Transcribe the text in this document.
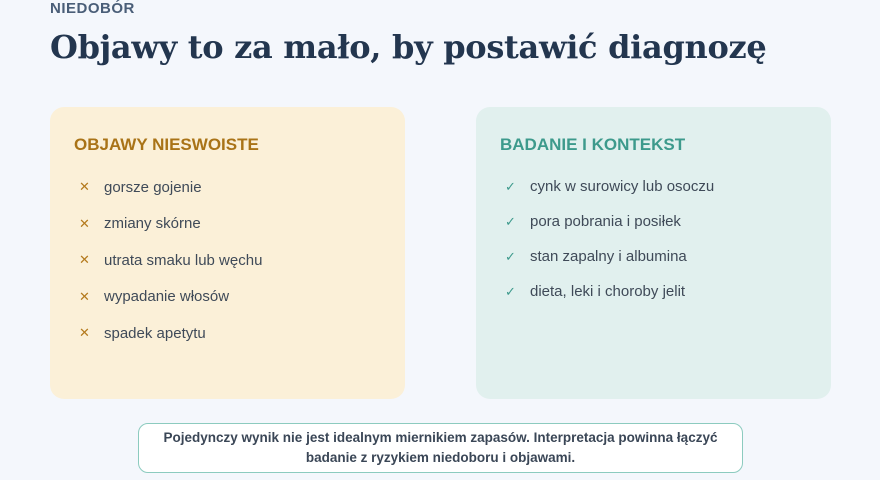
NIEDOBÓR
Objawy to za mało, by postawić diagnozę
OBJAWY NIESWOISTE
✕ gorsze gojenie
✕ zmiany skórne
✕ utrata smaku lub węchu
✕ wypadanie włosów
✕ spadek apetytu
BADANIE I KONTEKST
✓ cynk w surowicy lub osoczu
✓ pora pobrania i posiłek
✓ stan zapalny i albumina
✓ dieta, leki i choroby jelit
Pojedynczy wynik nie jest idealnym miernikiem zapasów. Interpretacja powinna łączyć badanie z ryzykiem niedoboru i objawami.
